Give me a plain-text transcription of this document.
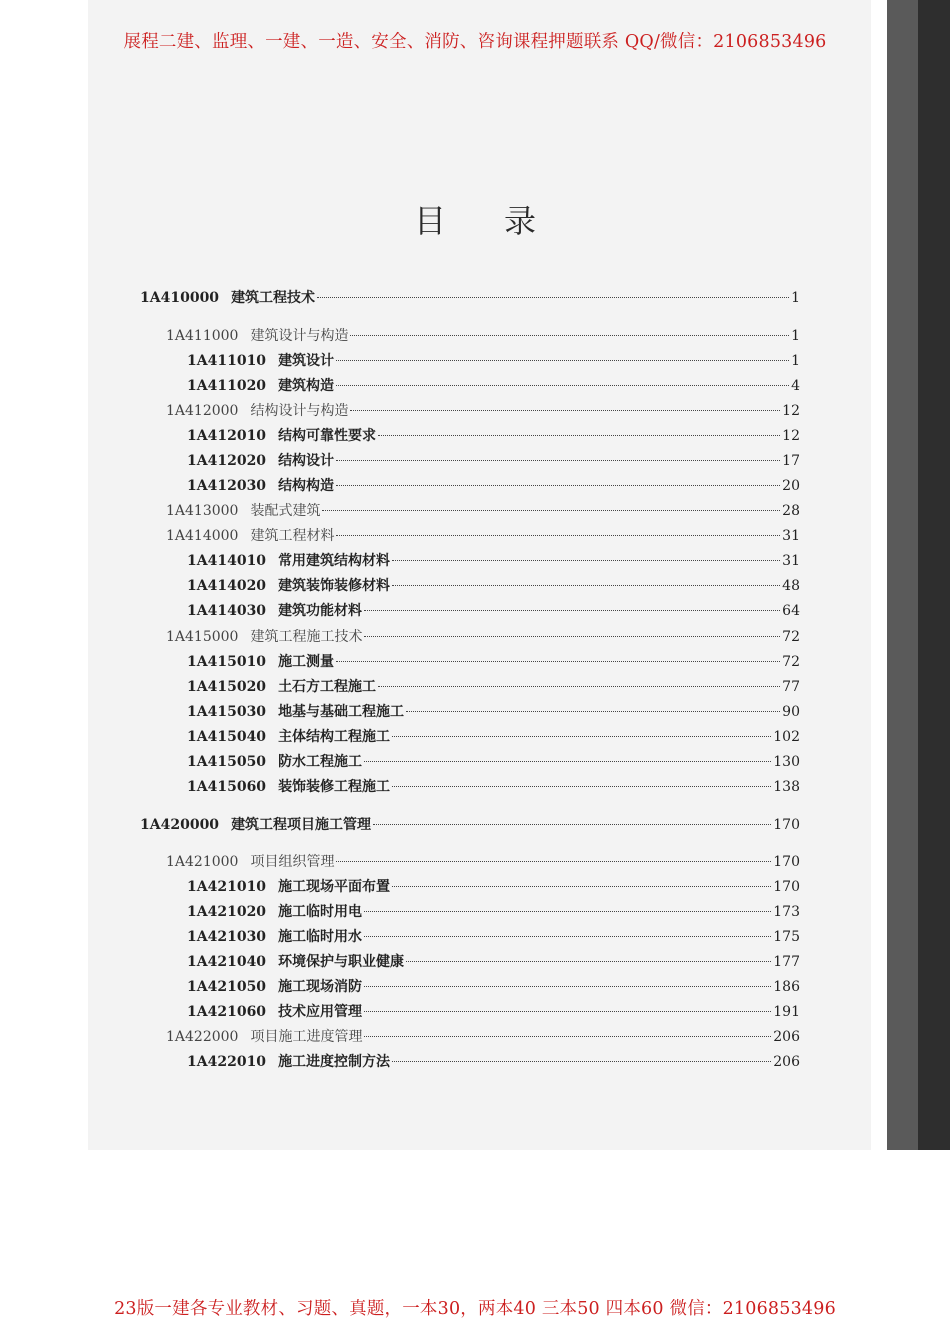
展程二建、监理、一建、一造、安全、消防、咨询课程押题联系 QQ/微信：2106853496
目录
1A410000 建筑工程技术	1
1A411000 建筑设计与构造	1
1A411010 建筑设计	1
1A411020 建筑构造	4
1A412000 结构设计与构造	12
1A412010 结构可靠性要求	12
1A412020 结构设计	17
1A412030 结构构造	20
1A413000 装配式建筑	28
1A414000 建筑工程材料	31
1A414010 常用建筑结构材料	31
1A414020 建筑装饰装修材料	48
1A414030 建筑功能材料	64
1A415000 建筑工程施工技术	72
1A415010 施工测量	72
1A415020 土石方工程施工	77
1A415030 地基与基础工程施工	90
1A415040 主体结构工程施工	102
1A415050 防水工程施工	130
1A415060 装饰装修工程施工	138
1A420000 建筑工程项目施工管理	170
1A421000 项目组织管理	170
1A421010 施工现场平面布置	170
1A421020 施工临时用电	173
1A421030 施工临时用水	175
1A421040 环境保护与职业健康	177
1A421050 施工现场消防	186
1A421060 技术应用管理	191
1A422000 项目施工进度管理	206
1A422010 施工进度控制方法	206
23版一建各专业教材、习题、真题，一本30，两本40 三本50 四本60 微信：2106853496
